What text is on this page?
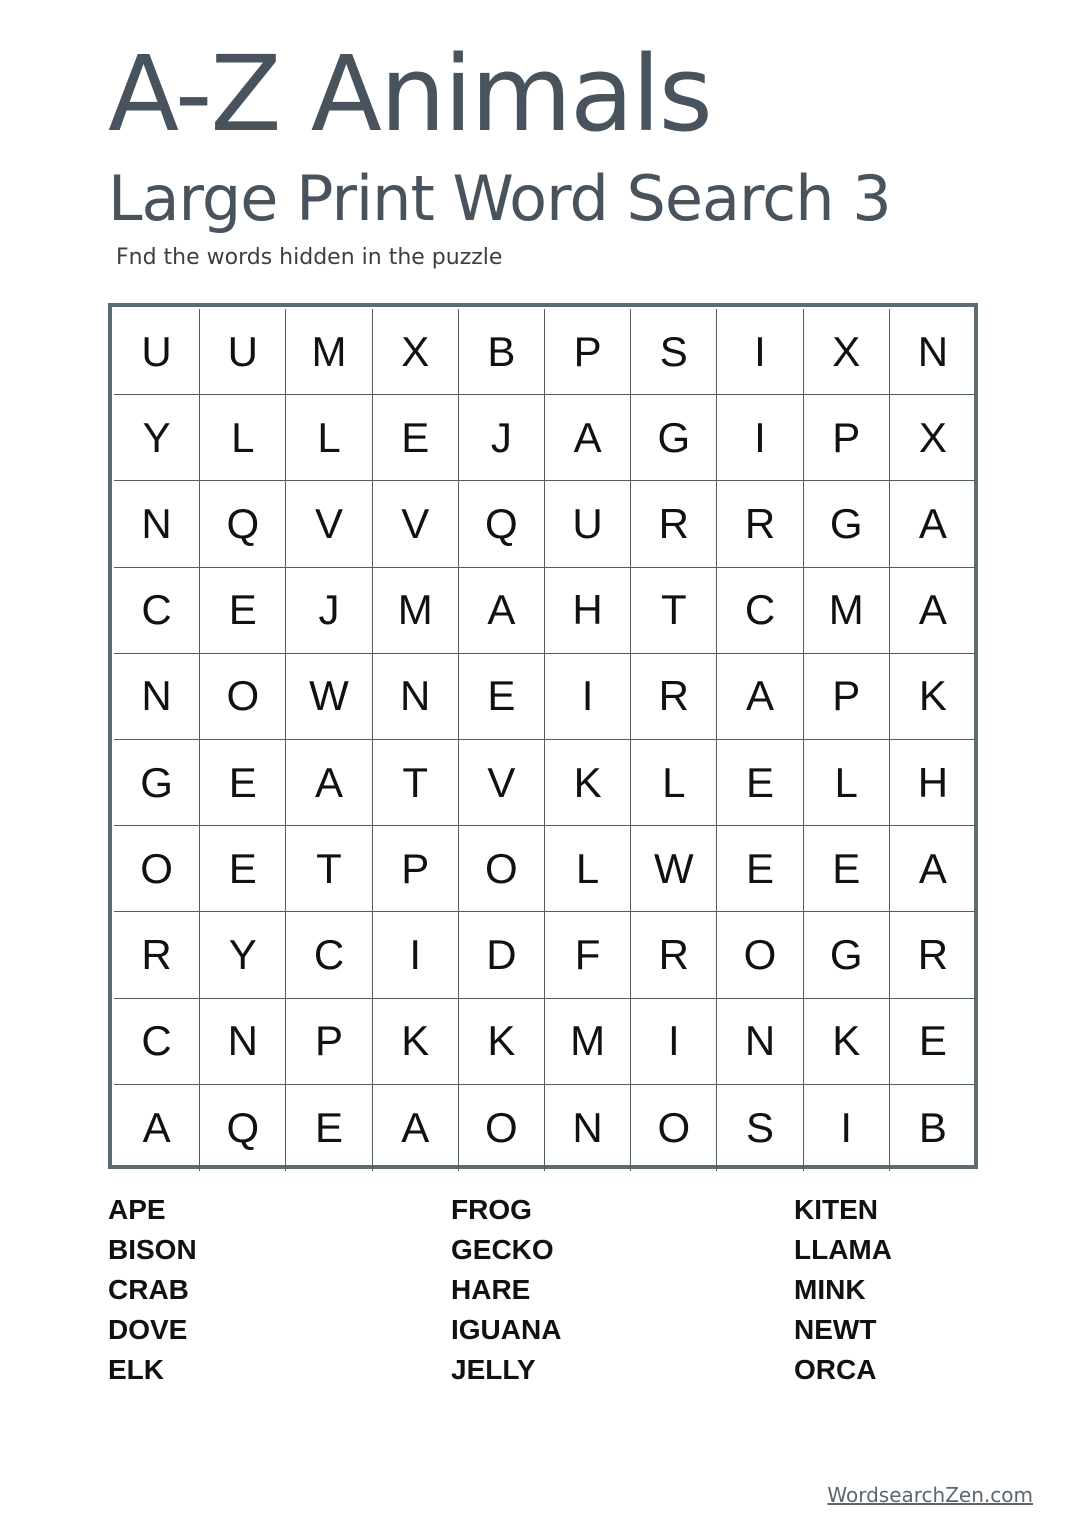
A-Z Animals
Large Print Word Search 3

Fnd the words hidden in the puzzle

U	U	M	X	B	P	S	I	X	N
Y	L	L	E	J	A	G	I	P	X
N	Q	V	V	Q	U	R	R	G	A
C	E	J	M	A	H	T	C	M	A
N	O	W	N	E	I	R	A	P	K
G	E	A	T	V	K	L	E	L	H
O	E	T	P	O	L	W	E	E	A
R	Y	C	I	D	F	R	O	G	R
C	N	P	K	K	M	I	N	K	E
A	Q	E	A	O	N	O	S	I	B
APE
BISON
CRAB
DOVE
ELK
FROG
GECKO
HARE
IGUANA
JELLY
KITEN
LLAMA
MINK
NEWT
ORCA
WordsearchZen.com
